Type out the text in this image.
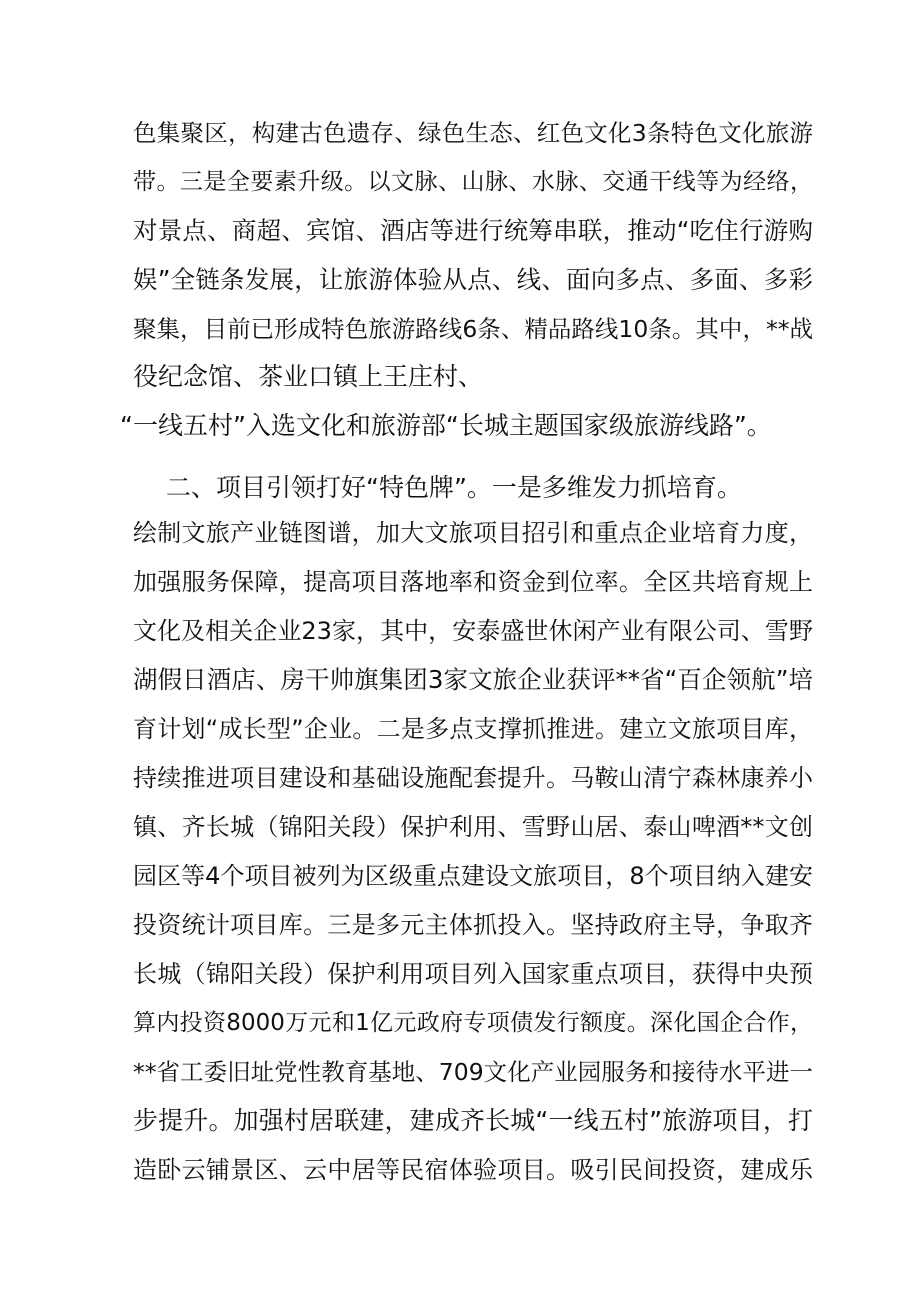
色集聚区，构建古色遗存、绿色生态、红色文化3条特色文化旅游
带。三是全要素升级。以文脉、山脉、水脉、交通干线等为经络，
对景点、商超、宾馆、酒店等进行统筹串联，推动“吃住行游购
娱”全链条发展，让旅游体验从点、线、面向多点、多面、多彩
聚集，目前已形成特色旅游路线6条、精品路线10条。其中，**战
役纪念馆、茶业口镇上王庄村、
“一线五村”入选文化和旅游部“长城主题国家级旅游线路”。
二、项目引领打好“特色牌”。一是多维发力抓培育。
绘制文旅产业链图谱，加大文旅项目招引和重点企业培育力度，
加强服务保障，提高项目落地率和资金到位率。全区共培育规上
文化及相关企业23家，其中，安泰盛世休闲产业有限公司、雪野
湖假日酒店、房干帅旗集团3家文旅企业获评**省“百企领航”培
育计划“成长型”企业。二是多点支撑抓推进。建立文旅项目库，
持续推进项目建设和基础设施配套提升。马鞍山清宁森林康养小
镇、齐长城（锦阳关段）保护利用、雪野山居、泰山啤酒**文创
园区等4个项目被列为区级重点建设文旅项目，8个项目纳入建安
投资统计项目库。三是多元主体抓投入。坚持政府主导，争取齐
长城（锦阳关段）保护利用项目列入国家重点项目，获得中央预
算内投资8000万元和1亿元政府专项债发行额度。深化国企合作，
**省工委旧址党性教育基地、709文化产业园服务和接待水平进一
步提升。加强村居联建，建成齐长城“一线五村”旅游项目，打
造卧云铺景区、云中居等民宿体验项目。吸引民间投资，建成乐
